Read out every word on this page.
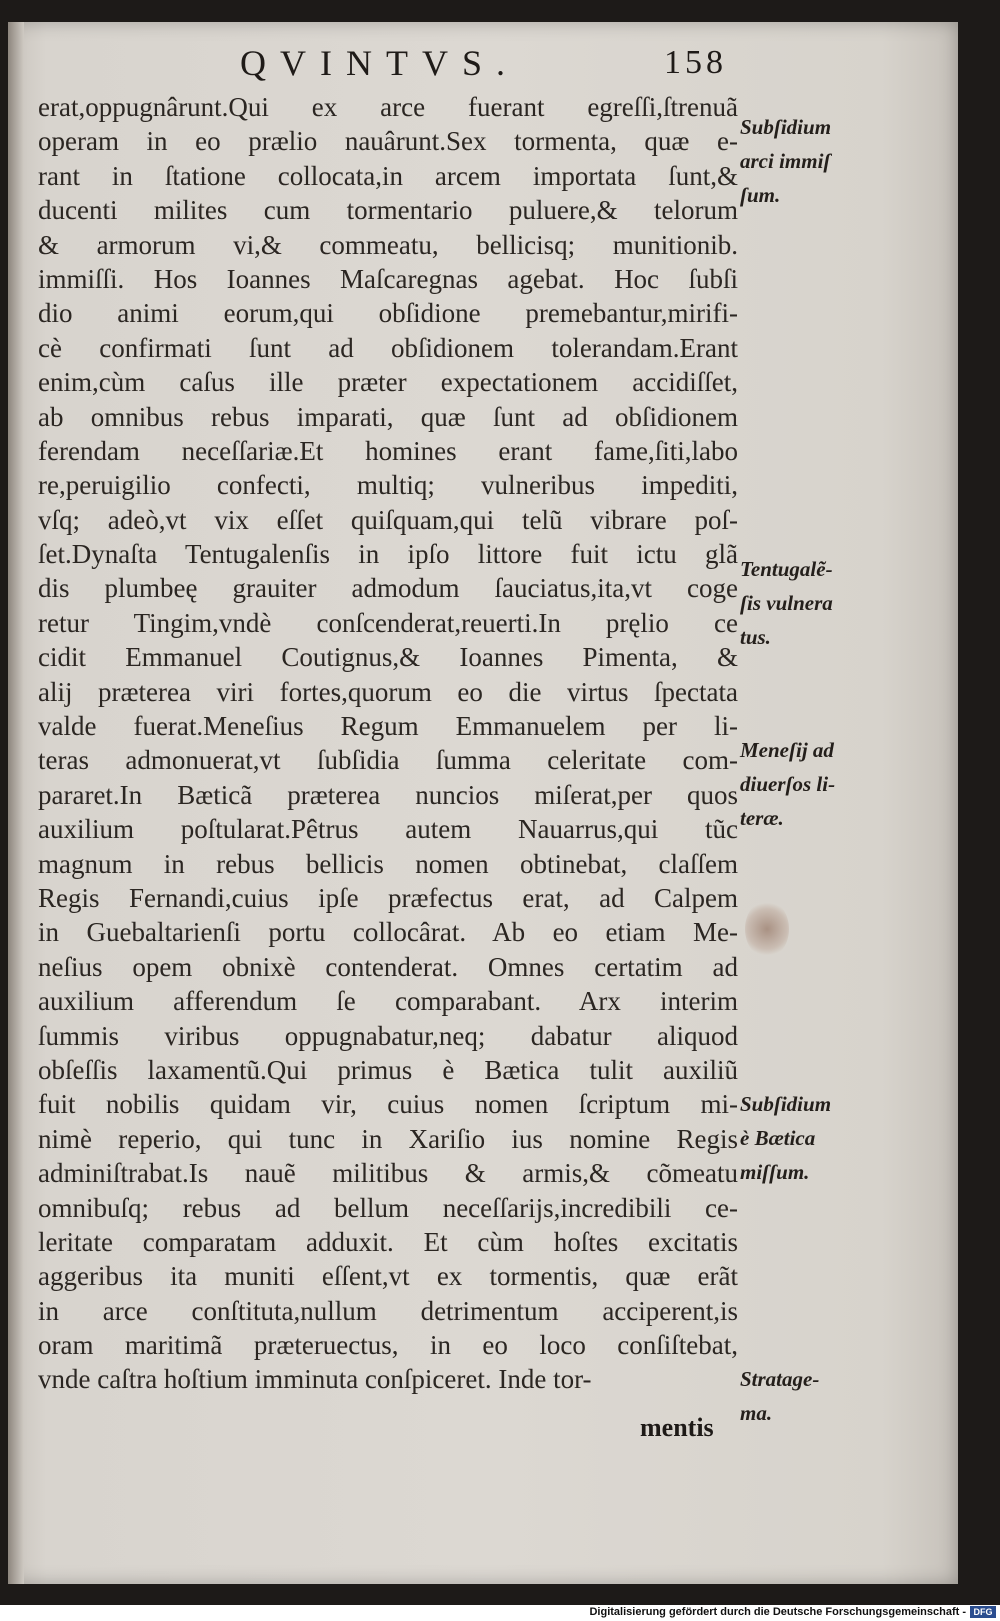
QVINTVS.	158
erat,oppugnârunt.Qui ex arce fuerant egreſſi,ſtrenuã
operam in eo prælio nauârunt.Sex tormenta, quæ e-
rant in ſtatione collocata,in arcem importata ſunt,&
ducenti milites cum tormentario puluere,& telorum
& armorum vi,& commeatu, bellicisq; munitionib.
immiſſi. Hos Ioannes Maſcaregnas agebat. Hoc ſubſi
dio animi eorum,qui obſidione premebantur,mirifi-
cè confirmati ſunt ad obſidionem tolerandam.Erant
enim,cùm caſus ille præter expectationem accidiſſet,
ab omnibus rebus imparati, quæ ſunt ad obſidionem
ferendam neceſſariæ.Et homines erant fame,ſiti,labo
re,peruigilio confecti, multiq; vulneribus impediti,
vſq; adeò,vt vix eſſet quiſquam,qui telũ vibrare poſ-
ſet.Dynaſta Tentugalenſis in ipſo littore fuit ictu glã
dis plumbeę grauiter admodum ſauciatus,ita,vt coge
retur Tingim,vndè conſcenderat,reuerti.In pręlio ce
cidit Emmanuel Coutignus,& Ioannes Pimenta, &
alij præterea viri fortes,quorum eo die virtus ſpectata
valde fuerat.Meneſius Regum Emmanuelem per li-
teras admonuerat,vt ſubſidia ſumma celeritate com-
pararet.In Bæticã præterea nuncios miſerat,per quos
auxilium poſtularat.Pêtrus autem Nauarrus,qui tũc
magnum in rebus bellicis nomen obtinebat, claſſem
Regis Fernandi,cuius ipſe præfectus erat, ad Calpem
in Guebaltarienſi portu collocârat. Ab eo etiam Me-
neſius opem obnixè contenderat. Omnes certatim ad
auxilium afferendum ſe comparabant. Arx interim
ſummis viribus oppugnabatur,neq; dabatur aliquod
obſeſſis laxamentũ.Qui primus è Bætica tulit auxiliũ
fuit nobilis quidam vir, cuius nomen ſcriptum mi-
nimè reperio, qui tunc in Xariſio ius nomine Regis
adminiſtrabat.Is nauẽ militibus & armis,& cõmeatu
omnibuſq; rebus ad bellum neceſſarijs,incredibili ce-
leritate comparatam adduxit. Et cùm hoſtes excitatis
aggeribus ita muniti eſſent,vt ex tormentis, quæ erãt
in arce conſtituta,nullum detrimentum acciperent,is
oram maritimã præteruectus, in eo loco conſiſtebat,
vnde caſtra hoſtium imminuta conſpiceret. Inde tor-
mentis
Subſidium
arci immiſ
ſum.
Tentugalẽ-
ſis vulnera
tus.
Meneſij ad
diuerſos li-
teræ.
Subſidium
è Bætica
miſſum.
Stratage-
ma.
Digitalisierung gefördert durch die Deutsche Forschungsgemeinschaft - DFG
